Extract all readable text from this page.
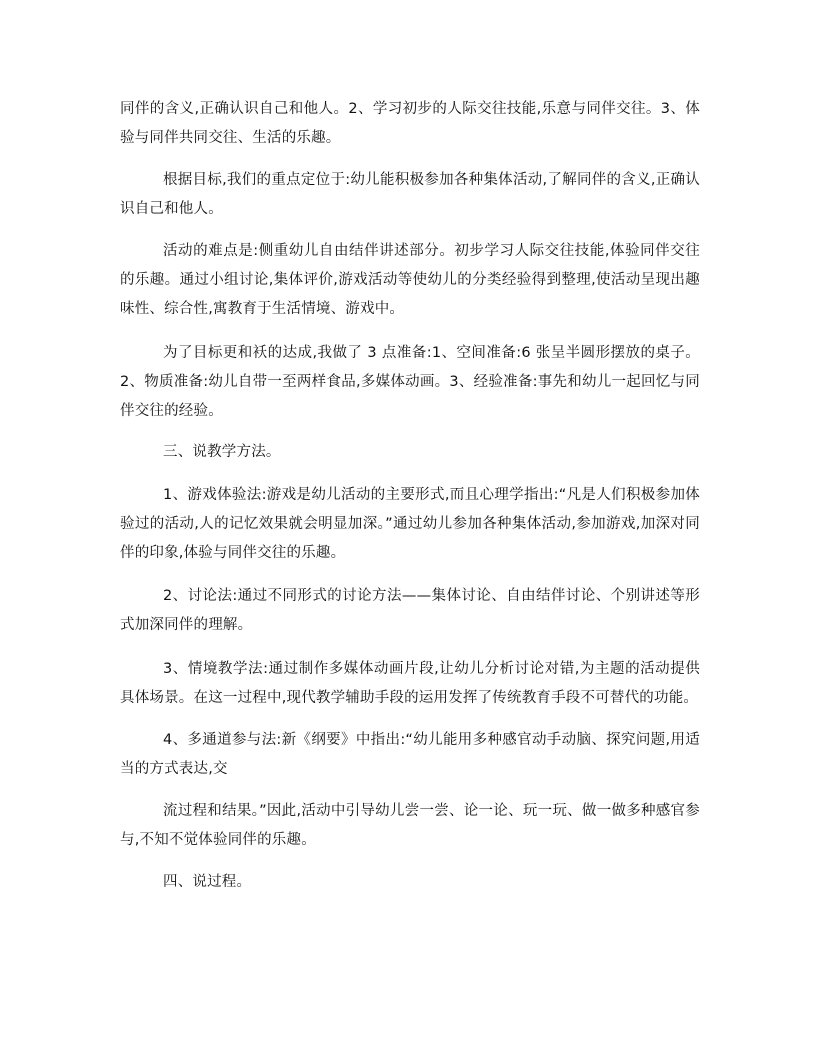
同伴的含义,正确认识自己和他人。2、学习初步的人际交往技能,乐意与同伴交往。3、体验与同伴共同交往、生活的乐趣。

根据目标,我们的重点定位于:幼儿能积极参加各种集体活动,了解同伴的含义,正确认识自己和他人。

活动的难点是:侧重幼儿自由结伴讲述部分。初步学习人际交往技能,体验同伴交往的乐趣。通过小组讨论,集体评价,游戏活动等使幼儿的分类经验得到整理,使活动呈现出趣味性、综合性,寓教育于生活情境、游戏中。

为了目标更和袄的达成,我做了 3 点准备:1、空间准备:6 张呈半圆形摆放的桌子。2、物质准备:幼儿自带一至两样食品,多媒体动画。3、经验准备:事先和幼儿一起回忆与同伴交往的经验。

三、说教学方法。

1、游戏体验法:游戏是幼儿活动的主要形式,而且心理学指出:“凡是人们积极参加体验过的活动,人的记忆效果就会明显加深。”通过幼儿参加各种集体活动,参加游戏,加深对同伴的印象,体验与同伴交往的乐趣。

2、讨论法:通过不同形式的讨论方法——集体讨论、自由结伴讨论、个别讲述等形式加深同伴的理解。

3、情境教学法:通过制作多媒体动画片段,让幼儿分析讨论对错,为主题的活动提供具体场景。在这一过程中,现代教学辅助手段的运用发挥了传统教育手段不可替代的功能。

4、多通道参与法:新《纲要》中指出:“幼儿能用多种感官动手动脑、探究问题,用适当的方式表达,交

流过程和结果。”因此,活动中引导幼儿尝一尝、论一论、玩一玩、做一做多种感官参与,不知不觉体验同伴的乐趣。

四、说过程。
